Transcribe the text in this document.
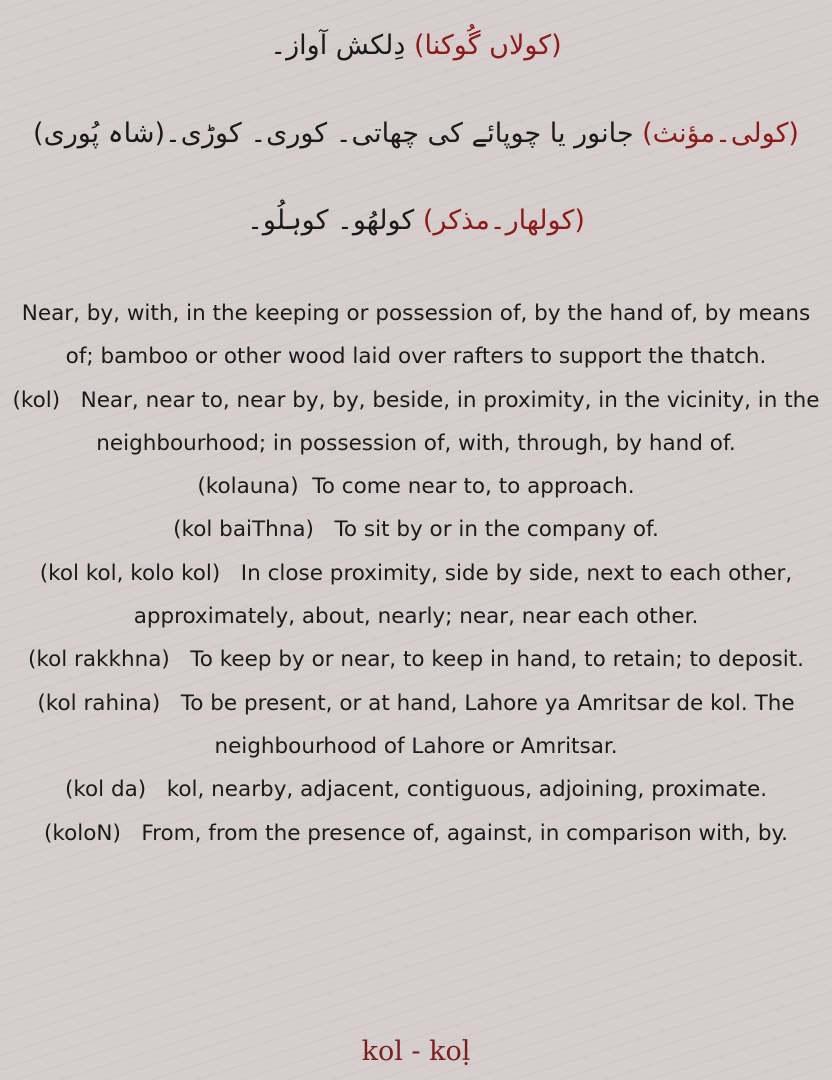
(کولاں گُوکنا) دِلکش آواز۔
(کولی۔مؤنث) جانور یا چوپائے کی چھاتی۔ کوری۔ کوڑی۔(شاہ پُوری)
(کولھار۔مذکر) کولھُو۔ کوہلُو۔

Near, by, with, in the keeping or possession of, by the hand of, by means of; bamboo or other wood laid over rafters to support the thatch.

(kol) Near, near to, near by, by, beside, in proximity, in the vicinity, in the neighbourhood; in possession of, with, through, by hand of.

(kolauna) To come near to, to approach.

(kol baiThna) To sit by or in the company of.

(kol kol, kolo kol) In close proximity, side by side, next to each other, approximately, about, nearly; near, near each other.

(kol rakkhna) To keep by or near, to keep in hand, to retain; to deposit.

(kol rahina) To be present, or at hand, Lahore ya Amritsar de kol. The neighbourhood of Lahore or Amritsar.

(kol da) kol, nearby, adjacent, contiguous, adjoining, proximate.

(koloN) From, from the presence of, against, in comparison with, by.

kol - koḷ
